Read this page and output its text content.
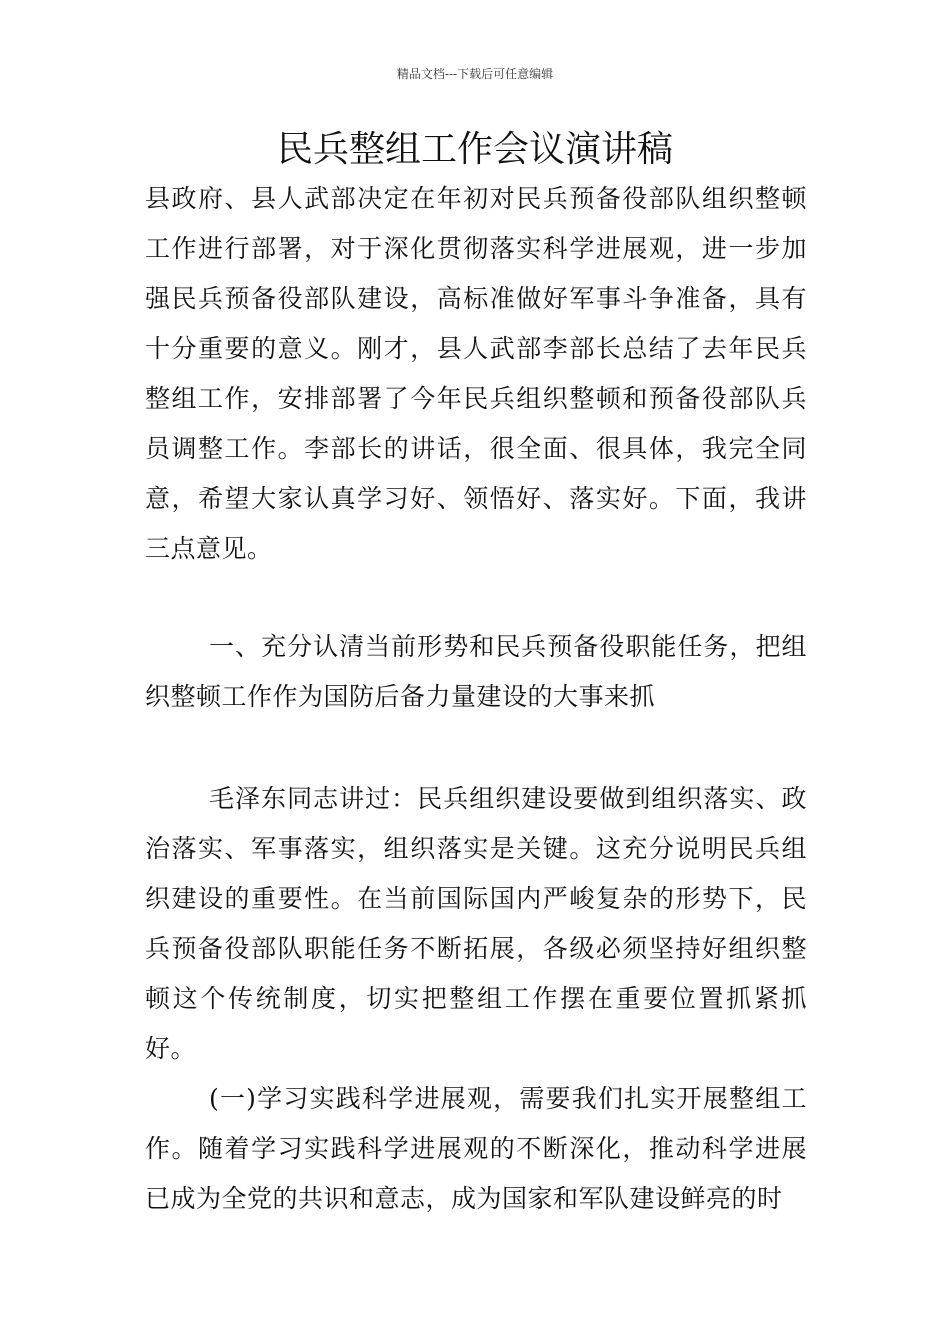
精品文档---下载后可任意编辑
民兵整组工作会议演讲稿

县政府、县人武部决定在年初对民兵预备役部队组织整顿工作进行部署，对于深化贯彻落实科学进展观，进一步加强民兵预备役部队建设，高标准做好军事斗争准备，具有十分重要的意义。刚才，县人武部李部长总结了去年民兵整组工作，安排部署了今年民兵组织整顿和预备役部队兵员调整工作。李部长的讲话，很全面、很具体，我完全同意，希望大家认真学习好、领悟好、落实好。下面，我讲三点意见。

一、充分认清当前形势和民兵预备役职能任务，把组织整顿工作作为国防后备力量建设的大事来抓

毛泽东同志讲过：民兵组织建设要做到组织落实、政治落实、军事落实，组织落实是关键。这充分说明民兵组织建设的重要性。在当前国际国内严峻复杂的形势下，民兵预备役部队职能任务不断拓展，各级必须坚持好组织整顿这个传统制度，切实把整组工作摆在重要位置抓紧抓好。

(一)学习实践科学进展观，需要我们扎实开展整组工作。随着学习实践科学进展观的不断深化，推动科学进展已成为全党的共识和意志，成为国家和军队建设鲜亮的时
